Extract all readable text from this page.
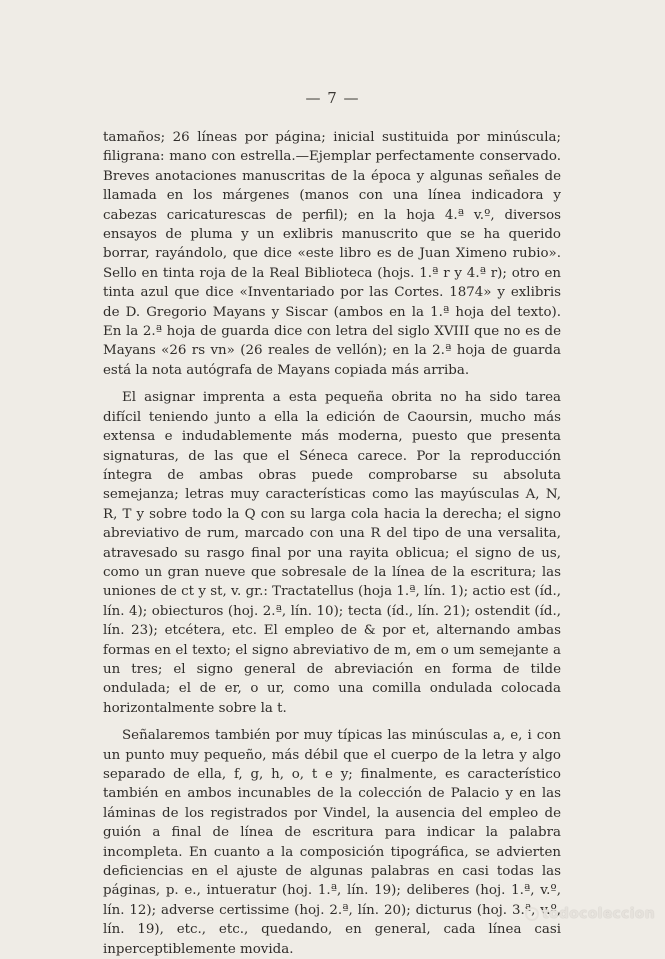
— 7 —

tamaños; 26 líneas por página; inicial sustituida por minúscula; filigrana: mano con estrella.—Ejemplar perfectamente conservado. Breves anotaciones manuscritas de la época y algunas señales de llamada en los márgenes (manos con una línea indicadora y cabezas caricaturescas de perfil); en la hoja 4.ª v.º, diversos ensayos de pluma y un exlibris manuscrito que se ha querido borrar, rayándolo, que dice «este libro es de Juan Ximeno rubio». Sello en tinta roja de la Real Biblioteca (hojs. 1.ª r y 4.ª r); otro en tinta azul que dice «Inventariado por las Cortes. 1874» y exlibris de D. Gregorio Mayans y Siscar (ambos en la 1.ª hoja del texto). En la 2.ª hoja de guarda dice con letra del siglo XVIII que no es de Mayans «26 rs vn» (26 reales de vellón); en la 2.ª hoja de guarda está la nota autógrafa de Mayans copiada más arriba.

El asignar imprenta a esta pequeña obrita no ha sido tarea difícil teniendo junto a ella la edición de Caoursin, mucho más extensa e indudablemente más moderna, puesto que presenta signaturas, de las que el Séneca carece. Por la reproducción íntegra de ambas obras puede comprobarse su absoluta semejanza; letras muy características como las mayúsculas A, N, R, T y sobre todo la Q con su larga cola hacia la derecha; el signo abreviativo de rum, marcado con una R del tipo de una versalita, atravesado su rasgo final por una rayita oblicua; el signo de us, como un gran nueve que sobresale de la línea de la escritura; las uniones de ct y st, v. gr.: Tractatellus (hoja 1.ª, lín. 1); actio est (íd., lín. 4); obiecturos (hoj. 2.ª, lín. 10); tecta (íd., lín. 21); ostendit (íd., lín. 23); etcétera, etc. El empleo de & por et, alternando ambas formas en el texto; el signo abreviativo de m, em o um semejante a un tres; el signo general de abreviación en forma de tilde ondulada; el de er, o ur, como una comilla ondulada colocada horizontalmente sobre la t.

Señalaremos también por muy típicas las minúsculas a, e, i con un punto muy pequeño, más débil que el cuerpo de la letra y algo separado de ella, f, g, h, o, t e y; finalmente, es característico también en ambos incunables de la colección de Palacio y en las láminas de los registrados por Vindel, la ausencia del empleo de guión a final de línea de escritura para indicar la palabra incompleta. En cuanto a la composición tipográfica, se advierten deficiencias en el ajuste de algunas palabras en casi todas las páginas, p. e., intueratur (hoj. 1.ª, lín. 19); deliberes (hoj. 1.ª, v.º, lín. 12); adverse certissime (hoj. 2.ª, lín. 20); dicturus (hoj. 3.ª, v.º, lín. 19), etc., etc., quedando, en general, cada línea casi inperceptiblemente movida.

todocoleccion
